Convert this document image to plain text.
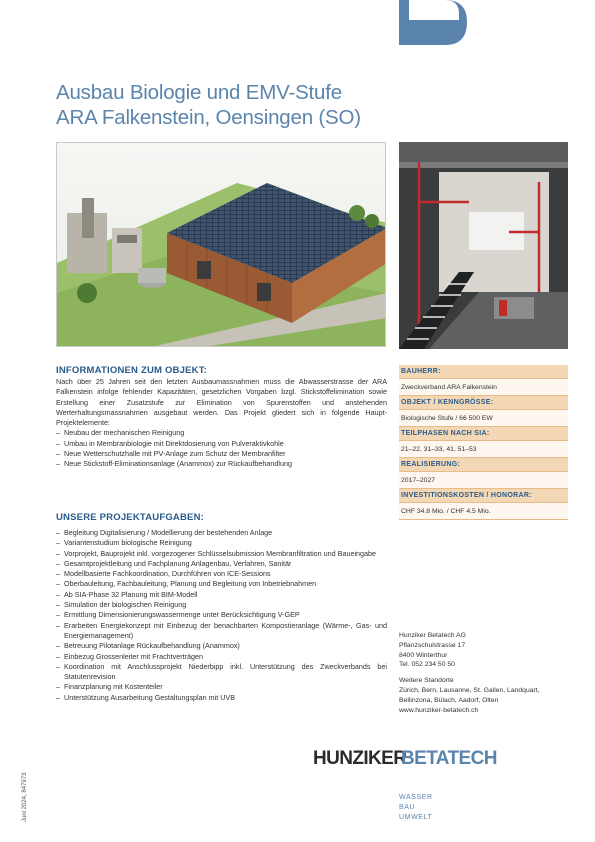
Ausbau Biologie und EMV-Stufe
ARA Falkenstein, Oensingen (SO)
INFORMATIONEN ZUM OBJEKT:

Nach über 25 Jahren seit den letzten Ausbaumassnahmen muss die Abwasserstrasse der ARA Falkenstein infolge fehlender Kapazitäten, gesetzlichen Vorgaben bzgl. Stickstoffelimination sowie Erstellung einer Zusatzstufe zur Elimination von Spurenstoffen und anstehenden Werterhaltungsmassnahmen ausgebaut werden. Das Projekt gliedert sich in folgende Haupt-Projektelemente:

– Neubau der mechanischen Reinigung
– Umbau in Membranbiologie mit Direktdosierung von Pulveraktivkohle
– Neue Wetterschutzhalle mit PV-Anlage zum Schutz der Membranfilter
– Neue Stickstoff-Eliminationsanlage (Anammox) zur Rückaufbehandlung
UNSERE PROJEKTAUFGABEN:
– Begleitung Digitalisierung / Modellierung der bestehenden Anlage
– Variantenstudium biologische Reinigung
– Vorprojekt, Bauprojekt inkl. vorgezogener Schlüsselsubmission Membranfiltration und Baueingabe
– Gesamtprojektleitung und Fachplanung Anlagenbau, Verfahren, Sanitär
– Modellbasierte Fachkoordination, Durchführen von ICE-Sessions
– Oberbauleitung, Fachbauleitung, Planung und Begleitung von Inbetriebnahmen
– Ab SIA-Phase 32 Planung mit BIM-Modell
– Simulation der biologischen Reinigung
– Ermittlung Dimensionierungswassermenge unter Berücksichtigung V-GEP
– Erarbeiten Energiekonzept mit Einbezug der benachbarten Kompostieranlage (Wärme-, Gas- und Energiemanagement)
– Betreuung Pilotanlage Rückaufbehandlung (Anammox)
– Einbezug Grossenleiter mit Frachtverträgen
– Koordination mit Anschlussprojekt Niederbipp inkl. Unterstützung des Zweckverbands bei Statutenrevision
– Finanzplanung mit Kostenteiler
– Unterstützung Ausarbeitung Gestaltungsplan mit UVB
BAUHERR:
Zweckverband ARA Falkenstein
OBJEKT / KENNGRÖSSE:
Biologische Stufe / 66 500 EW
TEILPHASEN NACH SIA:
21–22, 31–33, 41, 51–53
REALISIERUNG:
2017–2027
INVESTITIONSKOSTEN / HONORAR:
CHF 34.8 Mio. / CHF 4.5 Mio.
Hunziker Betatech AG
Pflanzschulstrasse 17
8400 Winterthur
Tel. 052 234 50 50
Weitere Standorte
Zürich, Bern, Lausanne, St. Gallen, Landquart,
Bellinzona, Bülach, Aadorf, Olten
www.hunziker-betatech.ch
HUNZIKER
BETATECH
WASSER
BAU
UMWELT
Juni 2024, 847973
